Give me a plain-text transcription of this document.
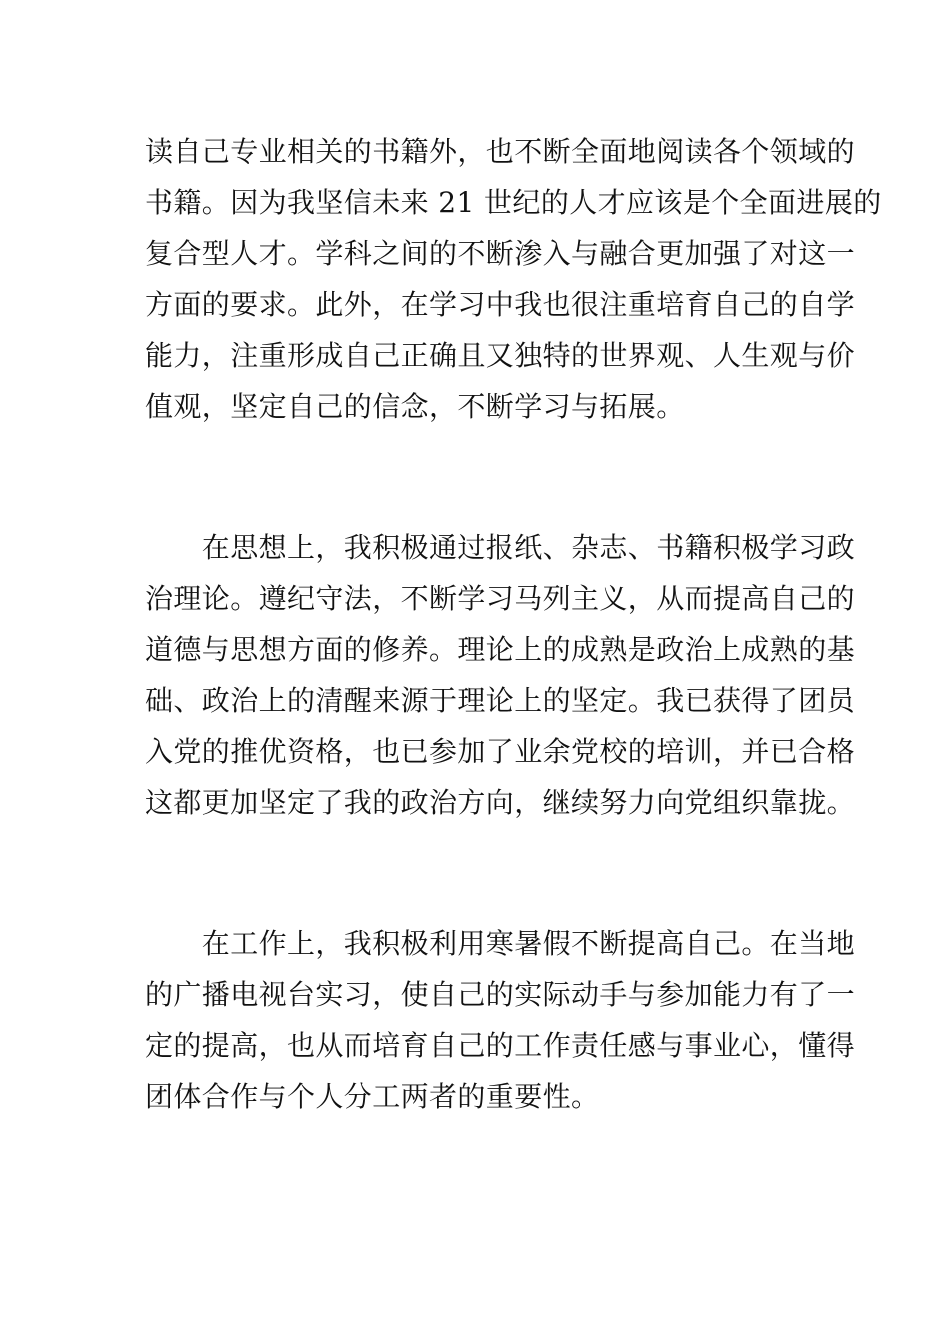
读自己专业相关的书籍外，也不断全面地阅读各个领域的
书籍。因为我坚信未来 21 世纪的人才应该是个全面进展的
复合型人才。学科之间的不断渗入与融合更加强了对这一
方面的要求。此外，在学习中我也很注重培育自己的自学
能力，注重形成自己正确且又独特的世界观、人生观与价
值观，坚定自己的信念，不断学习与拓展。
　　在思想上，我积极通过报纸、杂志、书籍积极学习政
治理论。遵纪守法，不断学习马列主义，从而提高自己的
道德与思想方面的修养。理论上的成熟是政治上成熟的基
础、政治上的清醒来源于理论上的坚定。我已获得了团员
入党的推优资格，也已参加了业余党校的培训，并已合格
这都更加坚定了我的政治方向，继续努力向党组织靠拢。
　　在工作上，我积极利用寒暑假不断提高自己。在当地
的广播电视台实习，使自己的实际动手与参加能力有了一
定的提高，也从而培育自己的工作责任感与事业心，懂得
团体合作与个人分工两者的重要性。
